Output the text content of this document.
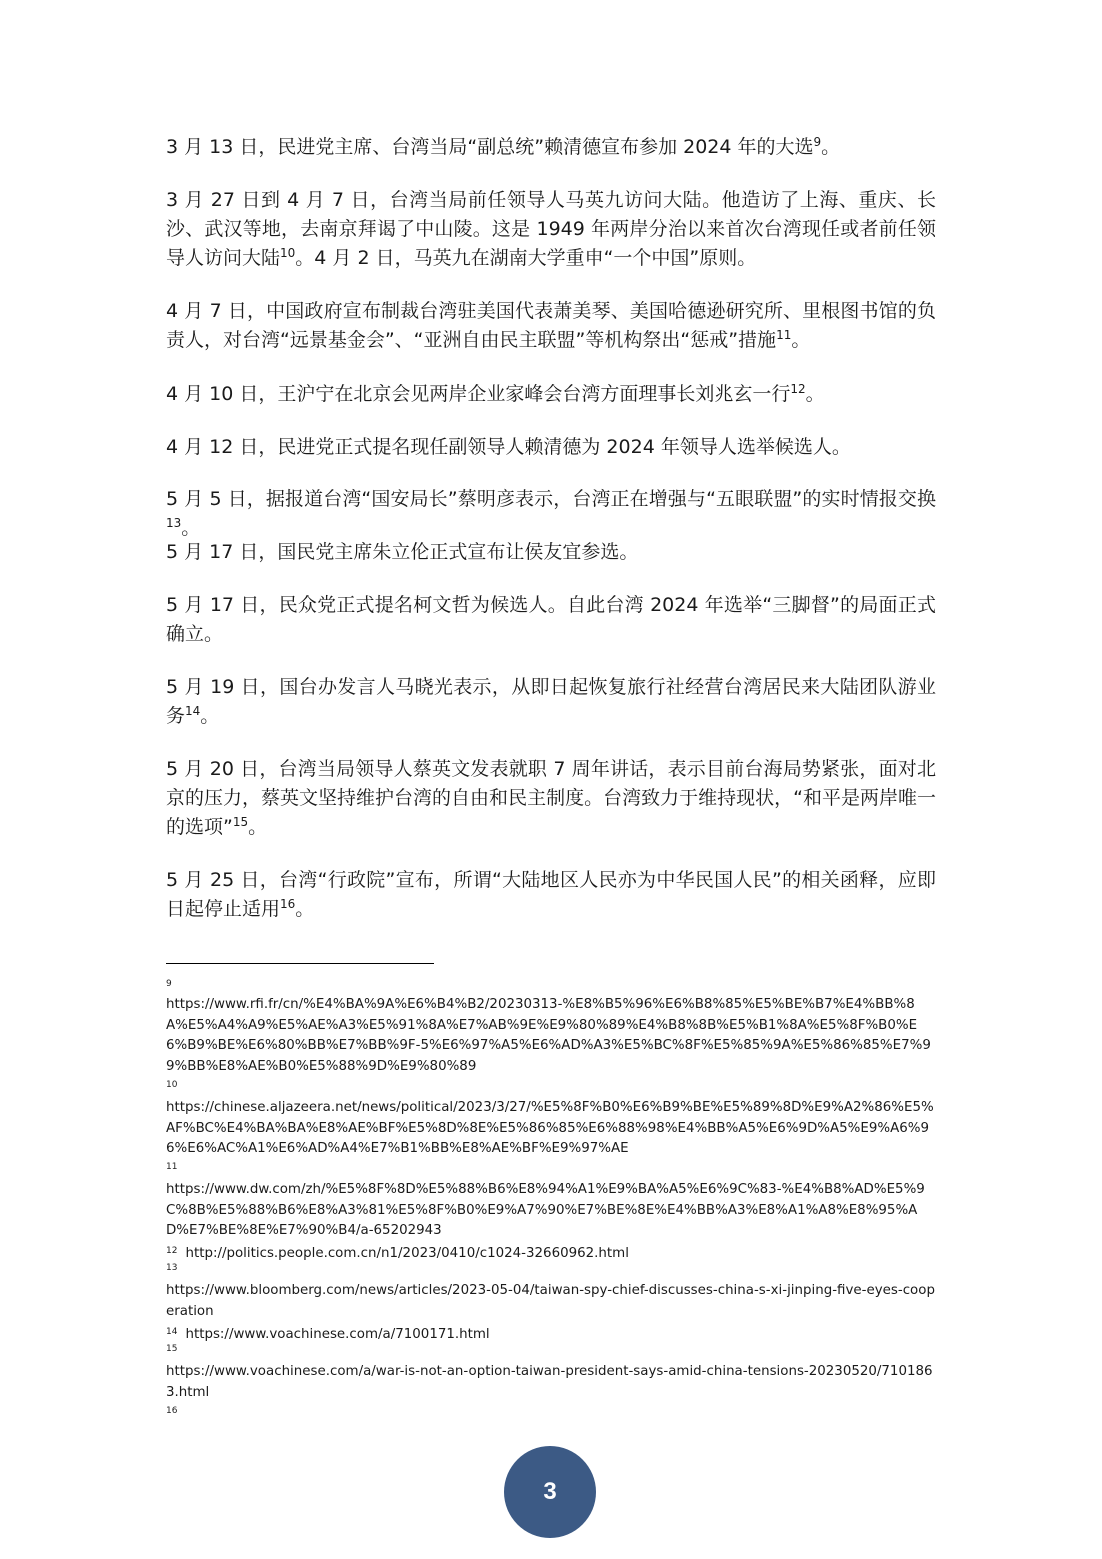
3 月 13 日，民进党主席、台湾当局“副总统”赖清德宣布参加 2024 年的大选$^9$。

3 月 27 日到 4 月 7 日，台湾当局前任领导人马英九访问大陆。他造访了上海、重庆、长沙、武汉等地，去南京拜谒了中山陵。这是 1949 年两岸分治以来首次台湾现任或者前任领导人访问大陆$^{10}$。4 月 2 日，马英九在湖南大学重申“一个中国”原则。

4 月 7 日，中国政府宣布制裁台湾驻美国代表萧美琴、美国哈德逊研究所、里根图书馆的负责人，对台湾“远景基金会”、“亚洲自由民主联盟”等机构祭出“惩戒”措施$^{11}$。

4 月 10 日，王沪宁在北京会见两岸企业家峰会台湾方面理事长刘兆玄一行$^{12}$。

4 月 12 日，民进党正式提名现任副领导人赖清德为 2024 年领导人选举候选人。

5 月 5 日，据报道台湾“国安局长”蔡明彦表示，台湾正在增强与“五眼联盟”的实时情报交换$^{13}$。

5 月 17 日，国民党主席朱立伦正式宣布让侯友宜参选。

5 月 17 日，民众党正式提名柯文哲为候选人。自此台湾 2024 年选举“三脚督”的局面正式确立。

5 月 19 日，国台办发言人马晓光表示，从即日起恢复旅行社经营台湾居民来大陆团队游业务$^{14}$。

5 月 20 日，台湾当局领导人蔡英文发表就职 7 周年讲话，表示目前台海局势紧张，面对北京的压力，蔡英文坚持维护台湾的自由和民主制度。台湾致力于维持现状，“和平是两岸唯一的选项”$^{15}$。

5 月 25 日，台湾“行政院”宣布，所谓“大陆地区人民亦为中华民国人民”的相关函释，应即日起停止适用$^{16}$。

9

https://www.rfi.fr/cn/%E4%BA%9A%E6%B4%B2/20230313-%E8%B5%96%E6%B8%85%E5%BE%B7%E4%BB%8A%E5%A4%A9%E5%AE%A3%E5%91%8A%E7%AB%9E%E9%80%89%E4%B8%8B%E5%B1%8A%E5%8F%B0%E6%B9%BE%E6%80%BB%E7%BB%9F-5%E6%97%A5%E6%AD%A3%E5%BC%8F%E5%85%9A%E5%86%85%E7%99%BB%E8%AE%B0%E5%88%9D%E9%80%89

10

https://chinese.aljazeera.net/news/political/2023/3/27/%E5%8F%B0%E6%B9%BE%E5%89%8D%E9%A2%86%E5%AF%BC%E4%BA%BA%E8%AE%BF%E5%8D%8E%E5%86%85%E6%88%98%E4%BB%A5%E6%9D%A5%E9%A6%96%E6%AC%A1%E6%AD%A4%E7%B1%BB%E8%AE%BF%E9%97%AE

11

https://www.dw.com/zh/%E5%8F%8D%E5%88%B6%E8%94%A1%E9%BA%A5%E6%9C%83-%E4%B8%AD%E5%9C%8B%E5%88%B6%E8%A3%81%E5%8F%B0%E9%A7%90%E7%BE%8E%E4%BB%A3%E8%A1%A8%E8%95%AD%E7%BE%8E%E7%90%B4/a-65202943

$^{12}$ http://politics.people.com.cn/n1/2023/0410/c1024-32660962.html
13

https://www.bloomberg.com/news/articles/2023-05-04/taiwan-spy-chief-discusses-china-s-xi-jinping-five-eyes-cooperation

$^{14}$ https://www.voachinese.com/a/7100171.html
15

https://www.voachinese.com/a/war-is-not-an-option-taiwan-president-says-amid-china-tensions-20230520/7101863.html

16
3
